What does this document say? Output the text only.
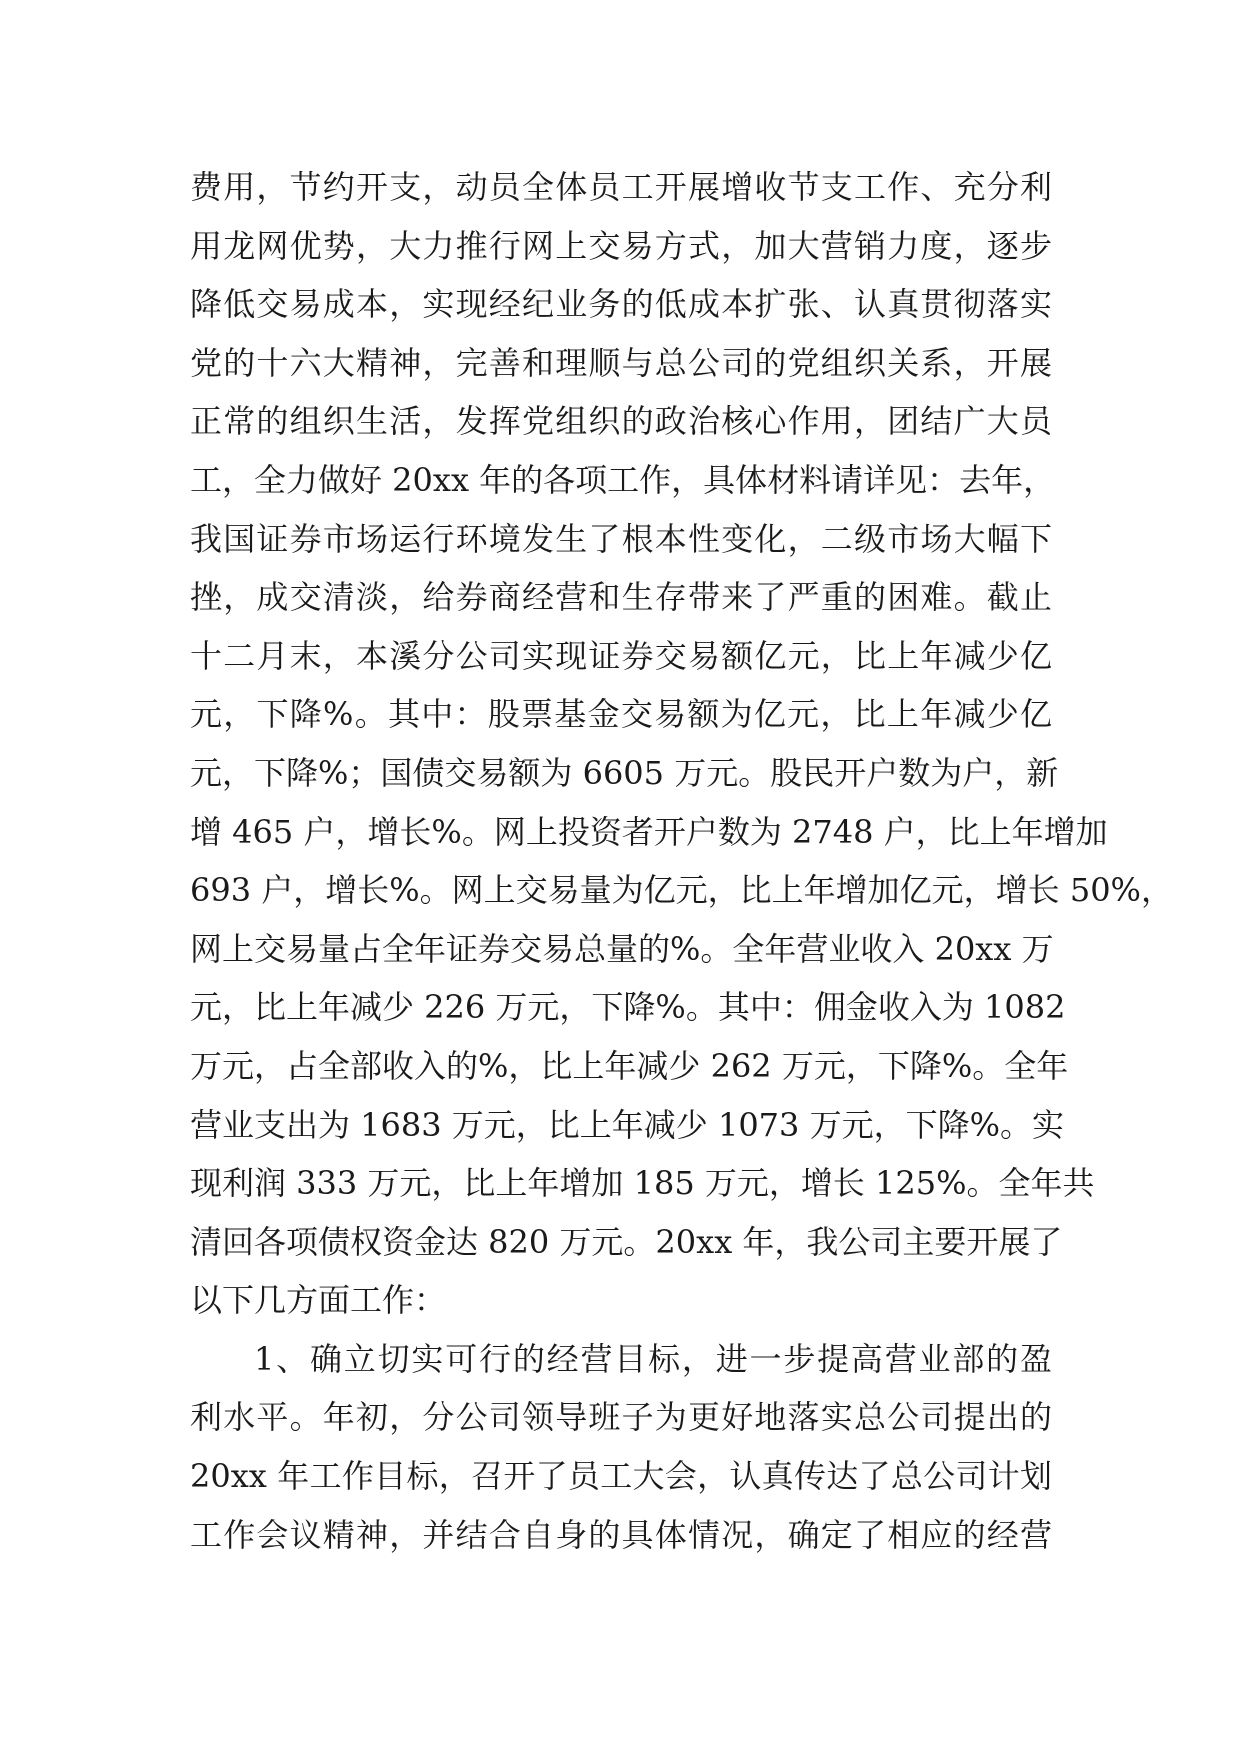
费用，节约开支，动员全体员工开展增收节支工作、充分利
用龙网优势，大力推行网上交易方式，加大营销力度，逐步
降低交易成本，实现经纪业务的低成本扩张、认真贯彻落实
党的十六大精神，完善和理顺与总公司的党组织关系，开展
正常的组织生活，发挥党组织的政治核心作用，团结广大员
工，全力做好 20xx 年的各项工作，具体材料请详见：去年，
我国证券市场运行环境发生了根本性变化，二级市场大幅下
挫，成交清淡，给券商经营和生存带来了严重的困难。截止
十二月末，本溪分公司实现证券交易额亿元，比上年减少亿
元，下降%。其中：股票基金交易额为亿元，比上年减少亿
元，下降%；国债交易额为 6605 万元。股民开户数为户，新
增 465 户，增长%。网上投资者开户数为 2748 户，比上年增加
693 户，增长%。网上交易量为亿元，比上年增加亿元，增长 50%，
网上交易量占全年证券交易总量的%。全年营业收入 20xx 万
元，比上年减少 226 万元，下降%。其中：佣金收入为 1082
万元，占全部收入的%，比上年减少 262 万元，下降%。全年
营业支出为 1683 万元，比上年减少 1073 万元，下降%。实
现利润 333 万元，比上年增加 185 万元，增长 125%。全年共
清回各项债权资金达 820 万元。20xx 年，我公司主要开展了
以下几方面工作：
1、确立切实可行的经营目标，进一步提高营业部的盈
利水平。年初，分公司领导班子为更好地落实总公司提出的
20xx 年工作目标，召开了员工大会，认真传达了总公司计划
工作会议精神，并结合自身的具体情况，确定了相应的经营
